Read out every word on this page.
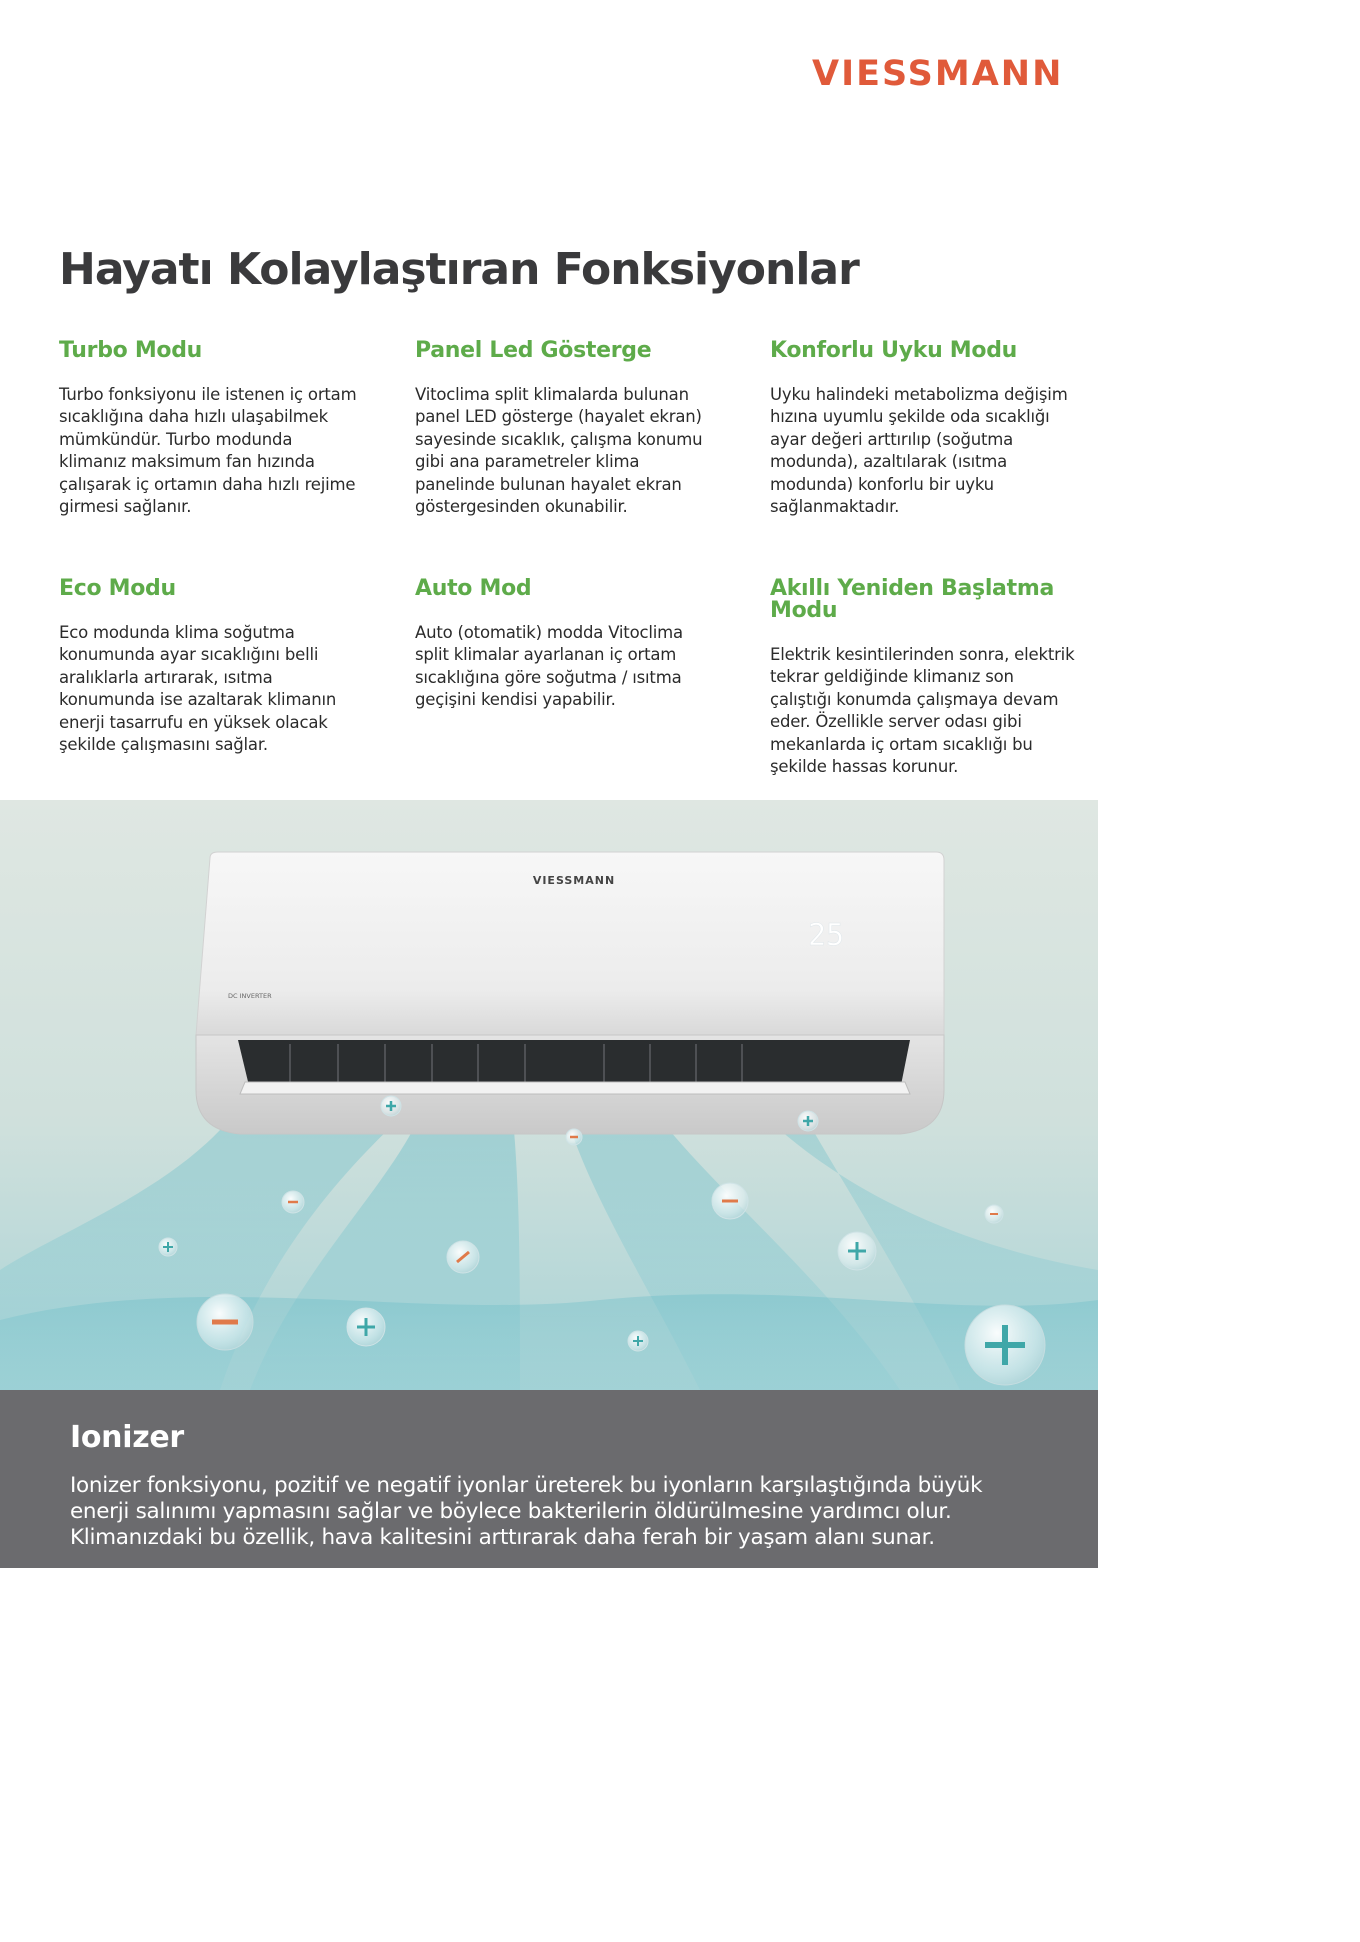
VIESSMANN
Hayatı Kolaylaştıran Fonksiyonlar
Turbo Modu

Turbo fonksiyonu ile istenen iç ortam sıcaklığına daha hızlı ulaşabilmek mümkündür. Turbo modunda klimanız maksimum fan hızında çalışarak iç ortamın daha hızlı rejime girmesi sağlanır.

Panel Led Gösterge

Vitoclima split klimalarda bulunan panel LED gösterge (hayalet ekran) sayesinde sıcaklık, çalışma konumu gibi ana parametreler klima panelinde bulunan hayalet ekran göstergesinden okunabilir.

Konforlu Uyku Modu

Uyku halindeki metabolizma değişim hızına uyumlu şekilde oda sıcaklığı ayar değeri arttırılıp (soğutma modunda), azaltılarak (ısıtma modunda) konforlu bir uyku sağlanmaktadır.

Eco Modu

Eco modunda klima soğutma konumunda ayar sıcaklığını belli aralıklarla artırarak, ısıtma konumunda ise azaltarak klimanın enerji tasarrufu en yüksek olacak şekilde çalışmasını sağlar.

Auto Mod

Auto (otomatik) modda Vitoclima split klimalar ayarlanan iç ortam sıcaklığına göre soğutma / ısıtma geçişini kendisi yapabilir.

Akıllı Yeniden Başlatma Modu

Elektrik kesintilerinden sonra, elektrik tekrar geldiğinde klimanız son çalıştığı konumda çalışmaya devam eder. Özellikle server odası gibi mekanlarda iç ortam sıcaklığı bu şekilde hassas korunur.

VIESSMANN
25
DC INVERTER
Ionizer

Ionizer fonksiyonu, pozitif ve negatif iyonlar üreterek bu iyonların karşılaştığında büyük enerji salınımı yapmasını sağlar ve böylece bakterilerin öldürülmesine yardımcı olur. Klimanızdaki bu özellik, hava kalitesini arttırarak daha ferah bir yaşam alanı sunar.
